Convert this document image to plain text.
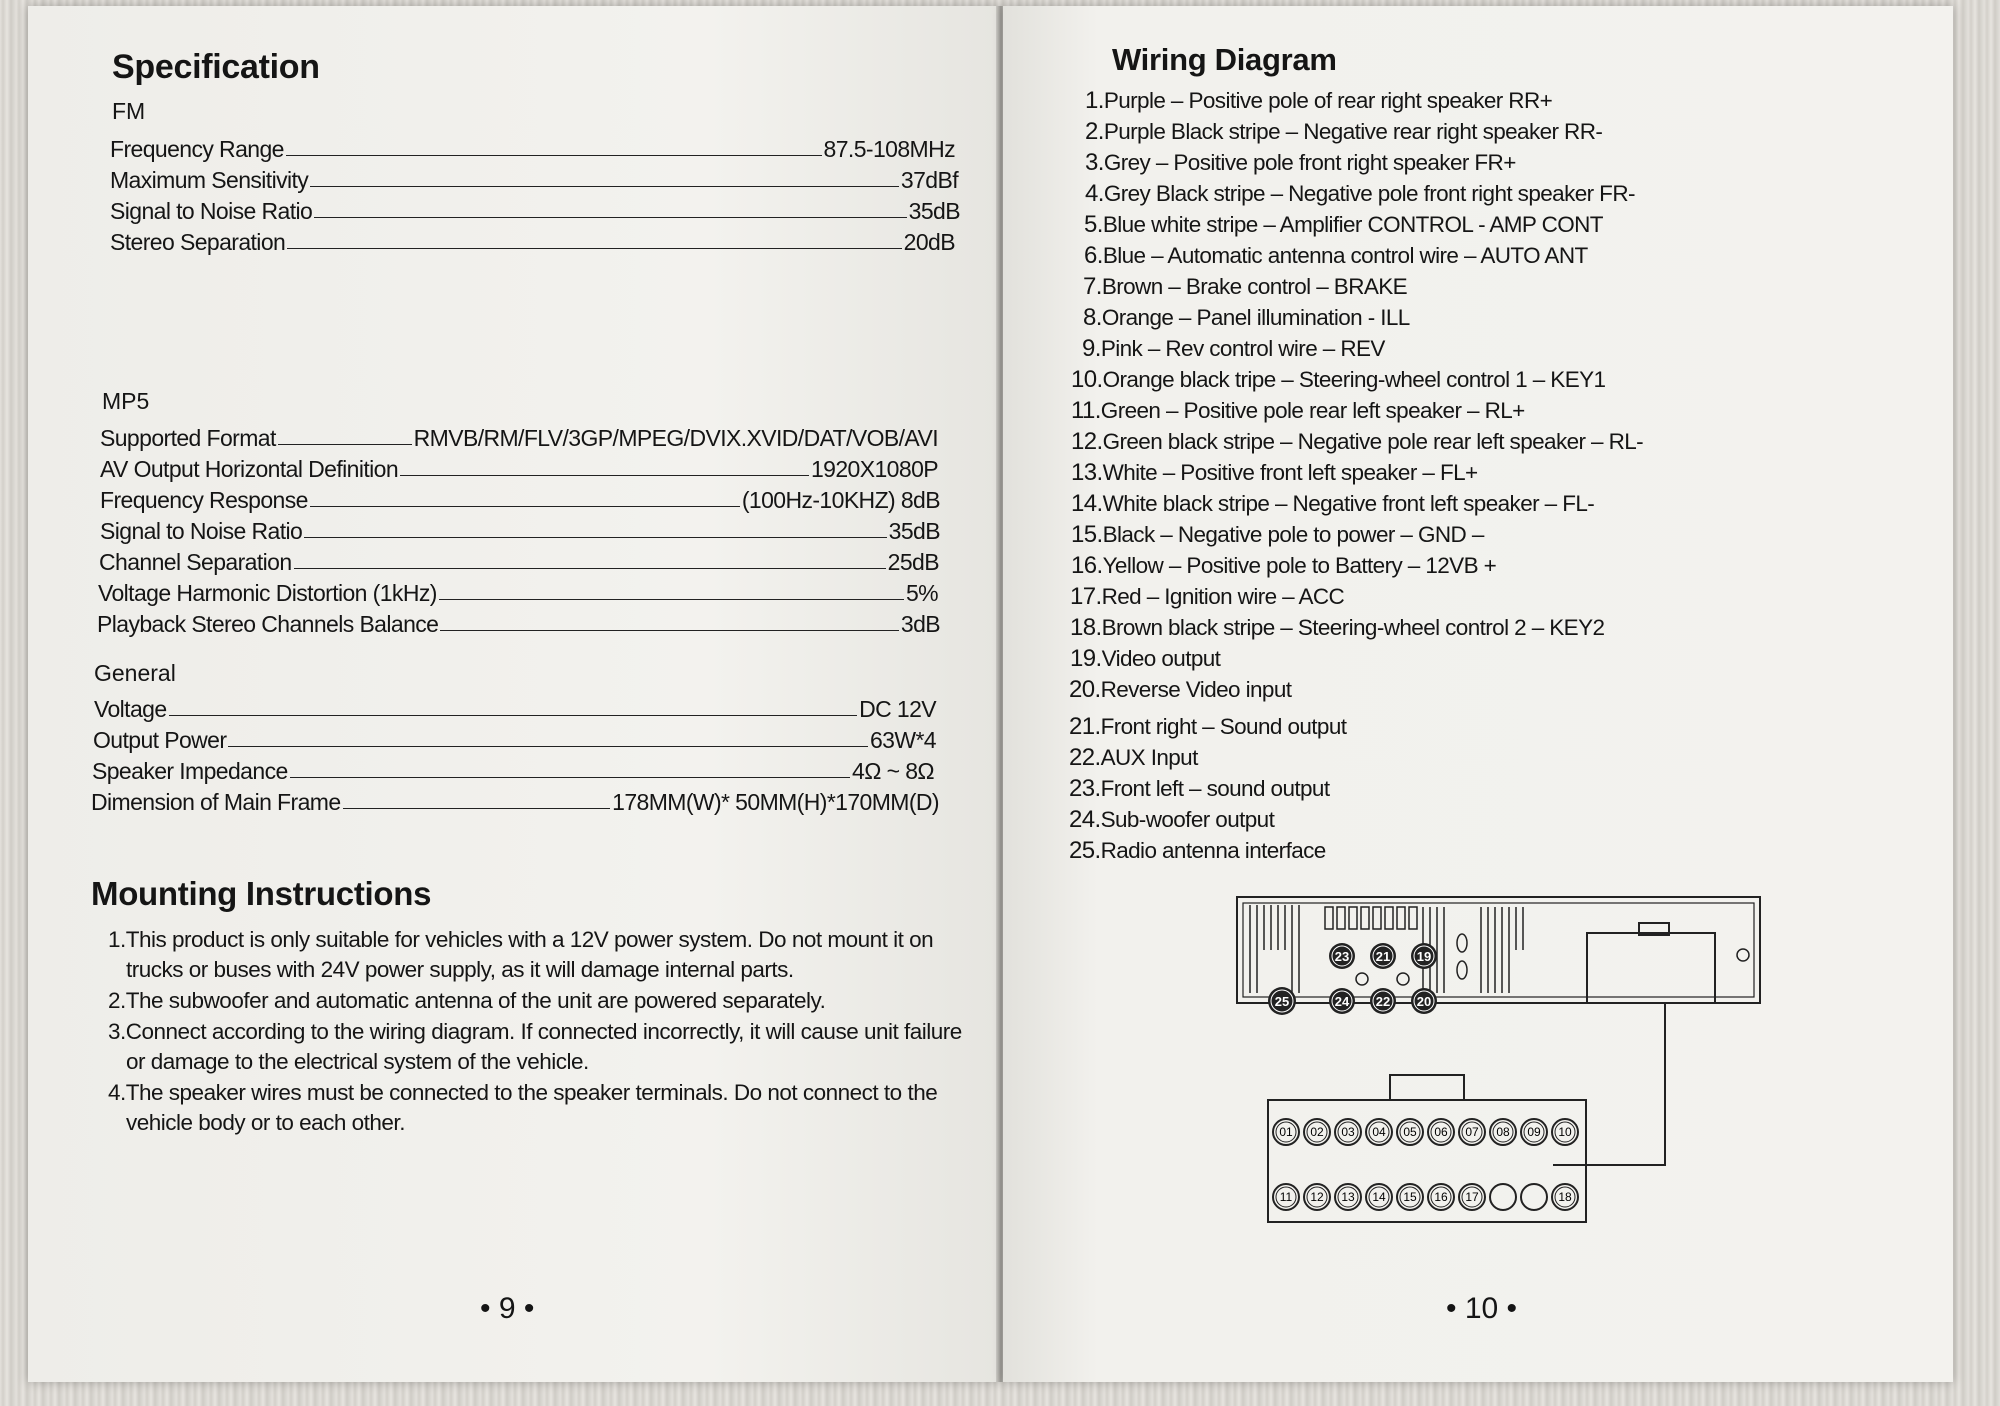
Specification
FM
Frequency Range	87.5-108MHz
Maximum Sensitivity	37dBf
Signal to Noise Ratio	35dB
Stereo Separation	20dB
MP5
Supported Format	RMVB/RM/FLV/3GP/MPEG/DVIX.XVID/DAT/VOB/AVI
AV Output Horizontal Definition	1920X1080P
Frequency Response	(100Hz-10KHZ) 8dB
Signal to Noise Ratio	35dB
Channel Separation	25dB
Voltage Harmonic Distortion (1kHz)	5%
Playback Stereo Channels Balance	3dB
General
Voltage	DC 12V
Output Power	63W*4
Speaker Impedance	4Ω ~ 8Ω
Dimension of Main Frame	178MM(W)* 50MM(H)*170MM(D)
Mounting Instructions

1.This product is only suitable for vehicles with a 12V power system. Do not mount it on trucks or buses with 24V power supply, as it will damage internal parts.

2.The subwoofer and automatic antenna of the unit are powered separately.

3.Connect according to the wiring diagram. If connected incorrectly, it will cause unit failure or damage to the electrical system of the vehicle.

4.The speaker wires must be connected to the speaker terminals. Do not connect to the vehicle body or to each other.

• 9 •
Wiring Diagram
1.Purple – Positive pole of rear right speaker RR+
2.Purple Black stripe – Negative rear right speaker RR-
3.Grey – Positive pole front right speaker FR+
4.Grey Black stripe – Negative pole front right speaker FR-
5.Blue white stripe – Amplifier CONTROL - AMP CONT
6.Blue – Automatic antenna control wire – AUTO ANT
7.Brown – Brake control – BRAKE
8.Orange – Panel illumination - ILL
9.Pink – Rev control wire – REV
10.Orange black tripe – Steering-wheel control 1 – KEY1
11.Green – Positive pole rear left speaker – RL+
12.Green black stripe – Negative pole rear left speaker – RL-
13.White – Positive front left speaker – FL+
14.White black stripe – Negative front left speaker – FL-
15.Black – Negative pole to power – GND –
16.Yellow – Positive pole to Battery – 12VB +
17.Red – Ignition wire – ACC
18.Brown black stripe – Steering-wheel control 2 – KEY2
19.Video output
20.Reverse Video input
21.Front right – Sound output
22.AUX Input
23.Front left – sound output
24.Sub-woofer output
25.Radio antenna interface
23 21 19
25	24 22 20
01 02 03 04 05 06 07 08 09 10
11 12 13 14 15 16 17	18
• 10 •
